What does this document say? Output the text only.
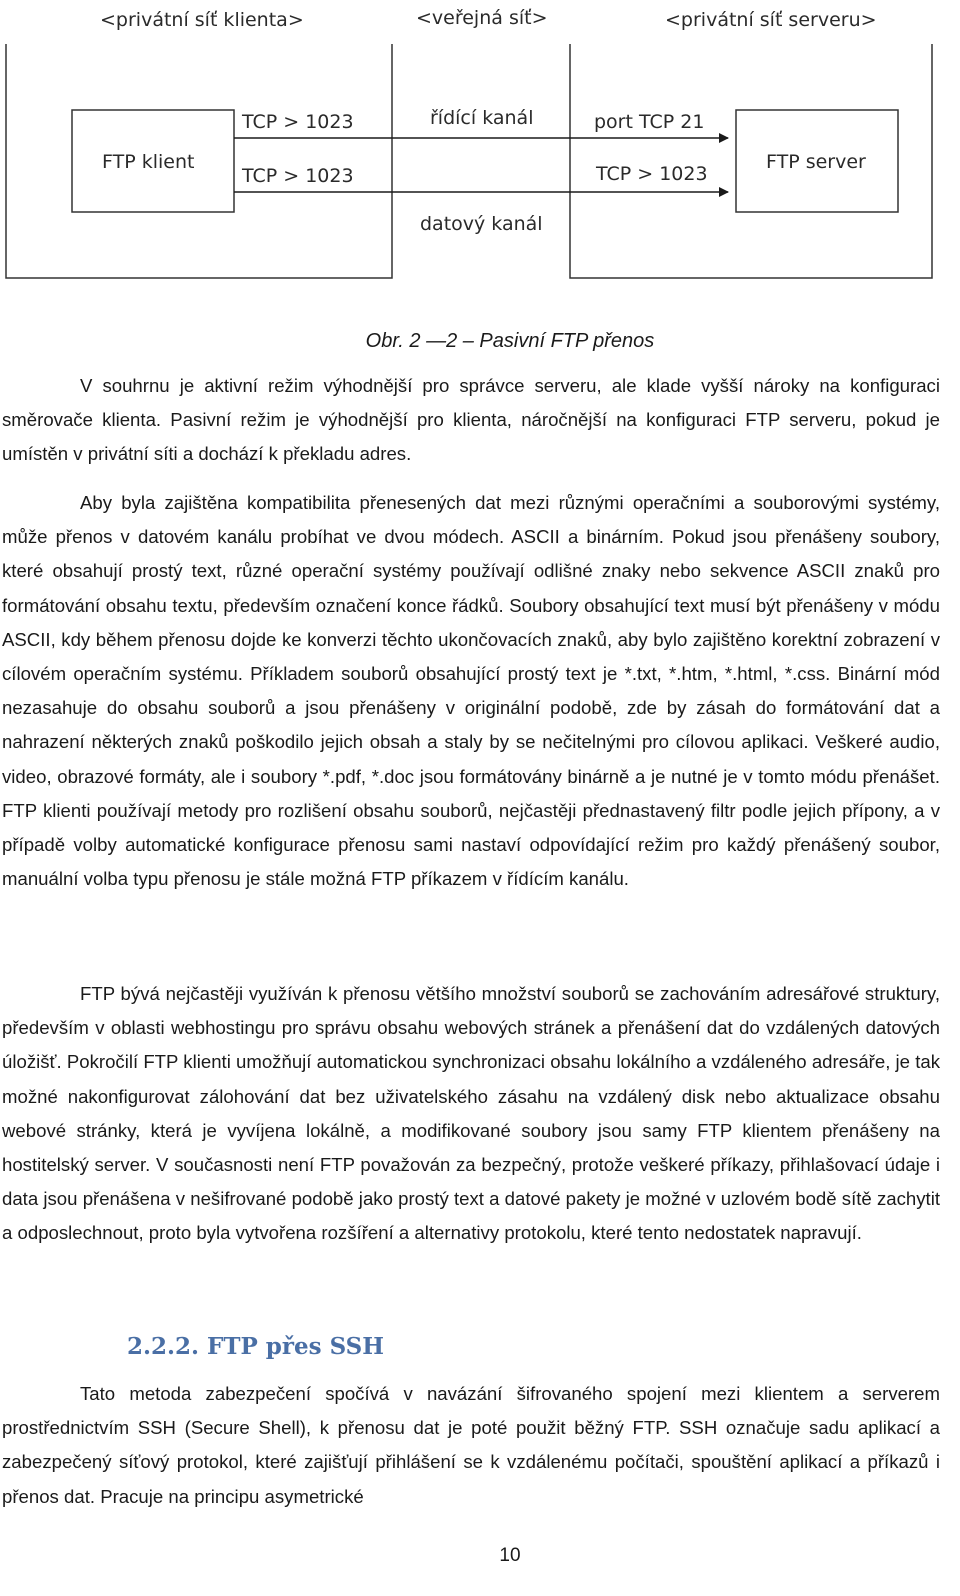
<privátní síť klienta>	<veřejná síť>	<privátní síť serveru>
FTP klient	FTP server
TCP > 1023
TCP > 1023
řídící kanál
datový kanál
port TCP 21
TCP > 1023
Obr. 2 —2 – Pasivní FTP přenos

V souhrnu je aktivní režim výhodnější pro správce serveru, ale klade vyšší nároky na konfiguraci směrovače klienta. Pasivní režim je výhodnější pro klienta, náročnější na konfiguraci FTP serveru, pokud je umístěn v privátní síti a dochází k překladu adres.

Aby byla zajištěna kompatibilita přenesených dat mezi různými operačními a souborovými systémy, může přenos v datovém kanálu probíhat ve dvou módech. ASCII a binárním. Pokud jsou přenášeny soubory, které obsahují prostý text, různé operační systémy používají odlišné znaky nebo sekvence ASCII znaků pro formátování obsahu textu, především označení konce řádků. Soubory obsahující text musí být přenášeny v módu ASCII, kdy během přenosu dojde ke konverzi těchto ukončovacích znaků, aby bylo zajištěno korektní zobrazení v cílovém operačním systému. Příkladem souborů obsahující prostý text je *.txt, *.htm, *.html, *.css. Binární mód nezasahuje do obsahu souborů a jsou přenášeny v originální podobě, zde by zásah do formátování dat a nahrazení některých znaků poškodilo jejich obsah a staly by se nečitelnými pro cílovou aplikaci. Veškeré audio, video, obrazové formáty, ale i soubory *.pdf, *.doc jsou formátovány binárně a je nutné je v tomto módu přenášet. FTP klienti používají metody pro rozlišení obsahu souborů, nejčastěji přednastavený filtr podle jejich přípony, a v případě volby automatické konfigurace přenosu sami nastaví odpovídající režim pro každý přenášený soubor, manuální volba typu přenosu je stále možná FTP příkazem v řídícím kanálu.

FTP bývá nejčastěji využíván k přenosu většího množství souborů se zachováním adresářové struktury, především v oblasti webhostingu pro správu obsahu webových stránek a přenášení dat do vzdálených datových úložišť. Pokročilí FTP klienti umožňují automatickou synchronizaci obsahu lokálního a vzdáleného adresáře, je tak možné nakonfigurovat zálohování dat bez uživatelského zásahu na vzdálený disk nebo aktualizace obsahu webové stránky, která je vyvíjena lokálně, a modifikované soubory jsou samy FTP klientem přenášeny na hostitelský server. V současnosti není FTP považován za bezpečný, protože veškeré příkazy, přihlašovací údaje i data jsou přenášena v nešifrované podobě jako prostý text a datové pakety je možné v uzlovém bodě sítě zachytit a odposlechnout, proto byla vytvořena rozšíření a alternativy protokolu, které tento nedostatek napravují.

2.2.2. FTP přes SSH

Tato metoda zabezpečení spočívá v navázání šifrovaného spojení mezi klientem a serverem prostřednictvím SSH (Secure Shell), k přenosu dat je poté použit běžný FTP. SSH označuje sadu aplikací a zabezpečený síťový protokol, které zajišťují přihlášení se k vzdálenému počítači, spouštění aplikací a příkazů i přenos dat. Pracuje na principu asymetrické

10
